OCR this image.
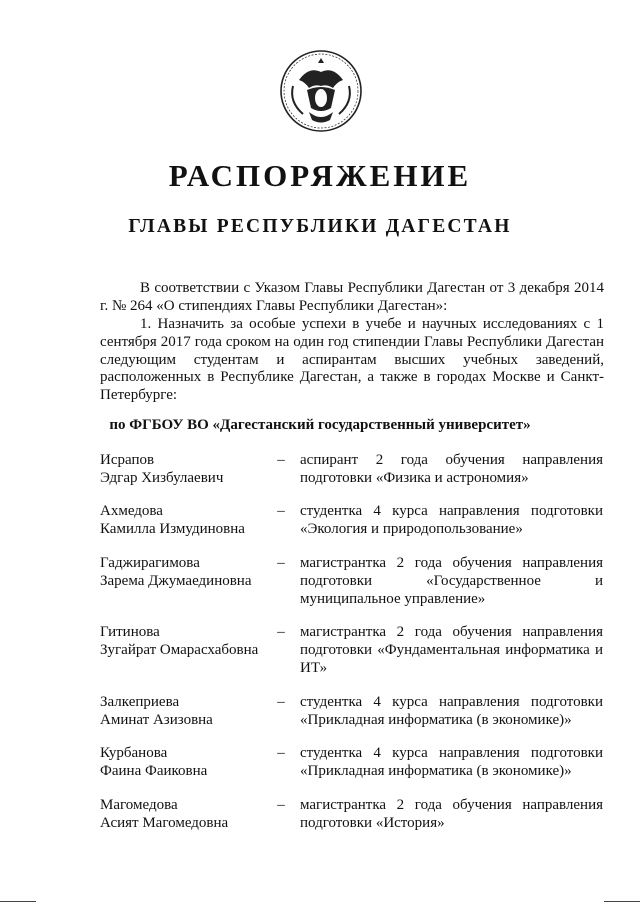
РАСПОРЯЖЕНИЕ
ГЛАВЫ РЕСПУБЛИКИ ДАГЕСТАН

В соответствии с Указом Главы Республики Дагестан от 3 декабря 2014 г. № 264 «О стипендиях Главы Республики Дагестан»:

1. Назначить за особые успехи в учебе и научных исследованиях с 1 сентября 2017 года сроком на один год стипендии Главы Республики Дагестан следующим студентам и аспирантам высших учебных заведений, расположенных в Республике Дагестан, а также в городах Москве и Санкт-Петербурге:

по ФГБОУ ВО «Дагестанский государственный университет»
Исрапов
Эдгар Хизбулаевич
–	аспирант 2 года обучения направления подготовки «Физика и астрономия»
Ахмедова
Камилла Измудиновна
–	студентка 4 курса направления подготовки «Экология и природопользование»
Гаджирагимова
Зарема Джумаединовна
–	магистрантка 2 года обучения направления подготовки «Государственное и муниципальное управление»
Гитинова
Зугайрат Омарасхабовна
–	магистрантка 2 года обучения направления подготовки «Фундаментальная информатика и ИТ»
Залкеприева
Аминат Азизовна
–	студентка 4 курса направления подготовки «Прикладная информатика (в экономике)»
Курбанова
Фаина Фаиковна
–	студентка 4 курса направления подготовки «Прикладная информатика (в экономике)»
Магомедова
Асият Магомедовна
–	магистрантка 2 года обучения направления подготовки «История»
